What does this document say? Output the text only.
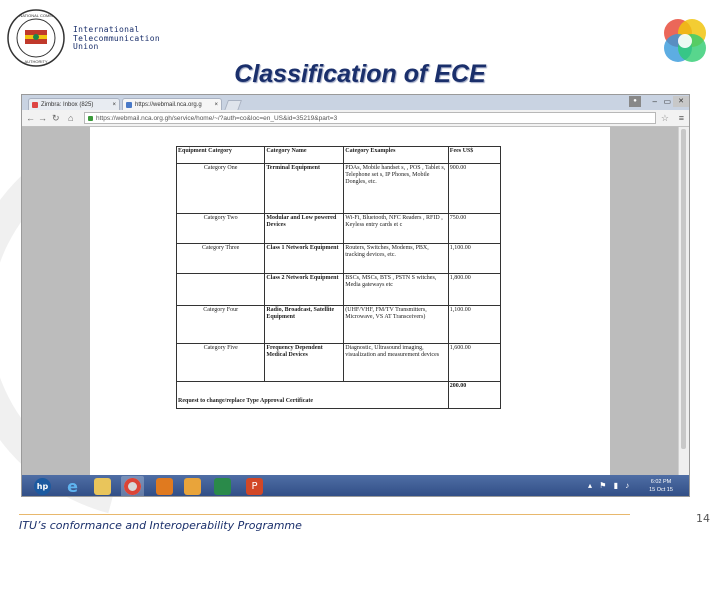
NATIONAL COMM
AUTHORITY
International
Telecommunication
Union
Classification of ECE
Zimbra: Inbox (825)	×	https://webmail.nca.org.g ×
●	– ▭	✕
← → ↻ ⌂	https://webmail.nca.org.gh/service/home/~/?auth=co&loc=en_US&id=35219&part=3	☆ ≡
Equipment Category	Category Name	Category Examples	Fees US$
Category One	Terminal Equipment	PDAs, Mobile handset s, , POS , Tablet s, Telephone set s, IP Phones, Mobile Dongles, etc.	900.00
Category Two	Modular and Low powered Devices	Wi-Fi, Bluetooth, NFC Readers , RFID , Keyless entry cards et c	750.00
Category Three	Class 1 Network Equipment	Routers, Switches, Modems, PBX, tracking devices, etc.	1,100.00
	Class 2 Network Equipment	BSCs, MSCs, BTS , PSTN S witches, Media gateways etc	1,800.00
Category Four	Radio, Broadcast, Satellite Equipment	(UHF/VHF, FM/TV Transmitters, Microwave, VS AT Transceivers)	1,100.00
Category Five	Frequency Dependent Medical Devices	Diagnostic, Ultrasound imaging, visualization and measurement devices	1,600.00
Request to change/replace Type Approval Certificate			200.00
hp e	P	▴ ⚑ ▮ ♪	6:02 PM
15 Oct 15
ITU’s conformance and Interoperability Programme
14
